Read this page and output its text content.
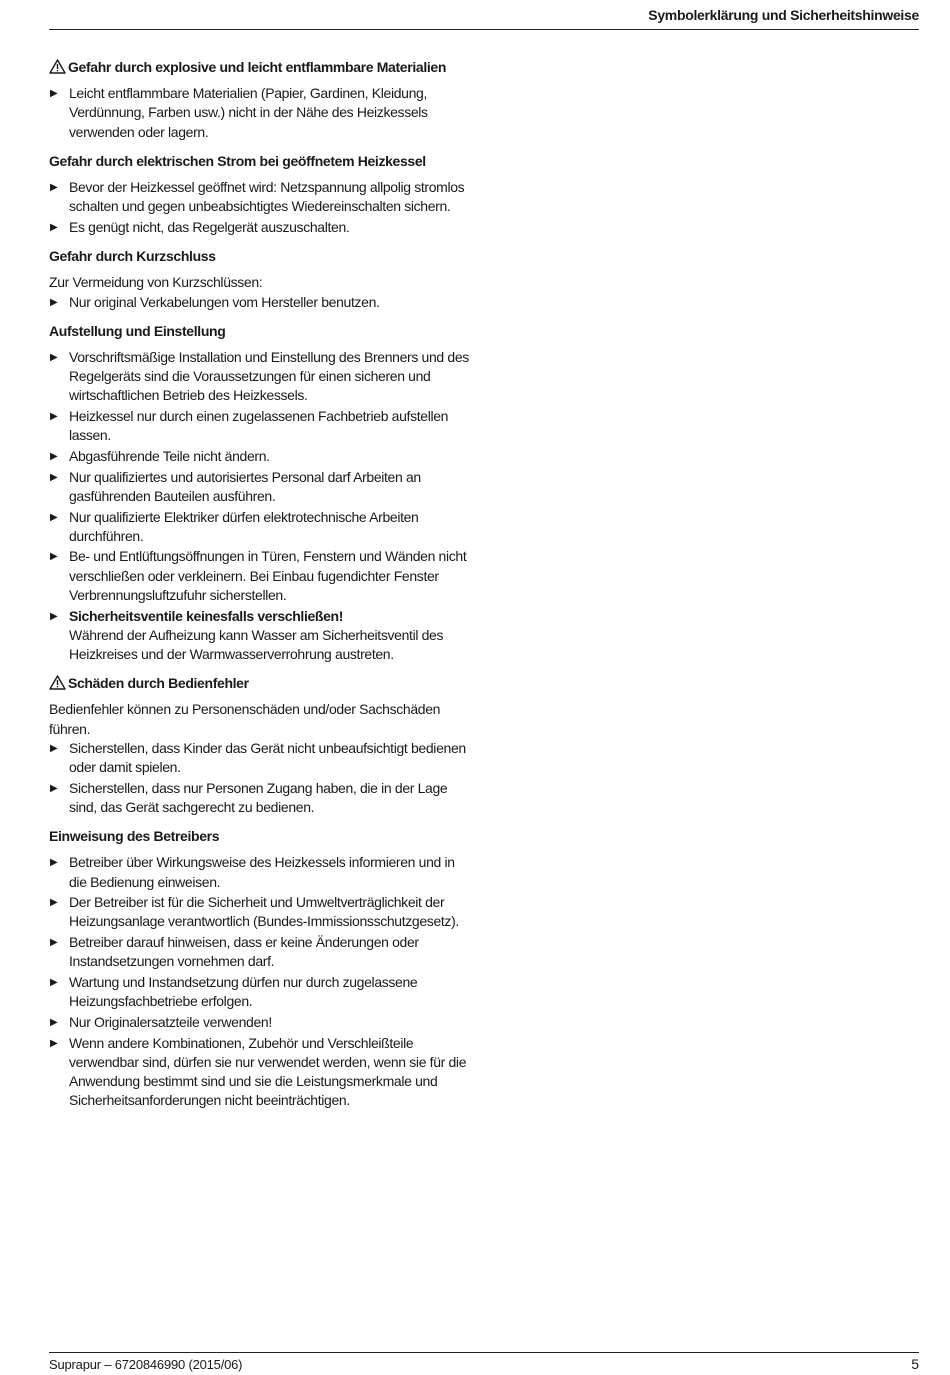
Symbolerklärung und Sicherheitshinweise

Gefahr durch explosive und leicht entflammbare Materialien

▶ Leicht entflammbare Materialien (Papier, Gardinen, Kleidung, Verdünnung, Farben usw.) nicht in der Nähe des Heizkessels verwenden oder lagern.

Gefahr durch elektrischen Strom bei geöffnetem Heizkessel

▶ Bevor der Heizkessel geöffnet wird: Netzspannung allpolig stromlos schalten und gegen unbeabsichtigtes Wiedereinschalten sichern.
▶ Es genügt nicht, das Regelgerät auszuschalten.

Gefahr durch Kurzschluss

Zur Vermeidung von Kurzschlüssen:

▶ Nur original Verkabelungen vom Hersteller benutzen.

Aufstellung und Einstellung

▶ Vorschriftsmäßige Installation und Einstellung des Brenners und des Regelgeräts sind die Voraussetzungen für einen sicheren und wirtschaftlichen Betrieb des Heizkessels.
▶ Heizkessel nur durch einen zugelassenen Fachbetrieb aufstellen lassen.
▶ Abgasführende Teile nicht ändern.
▶ Nur qualifiziertes und autorisiertes Personal darf Arbeiten an gasführenden Bauteilen ausführen.
▶ Nur qualifizierte Elektriker dürfen elektrotechnische Arbeiten durchführen.
▶ Be- und Entlüftungsöffnungen in Türen, Fenstern und Wänden nicht verschließen oder verkleinern. Bei Einbau fugendichter Fenster Verbrennungsluftzufuhr sicherstellen.
▶ Sicherheitsventile keinesfalls verschließen!
Während der Aufheizung kann Wasser am Sicherheitsventil des Heizkreises und der Warmwasserverrohrung austreten.

Schäden durch Bedienfehler

Bedienfehler können zu Personenschäden und/oder Sachschäden führen.

▶ Sicherstellen, dass Kinder das Gerät nicht unbeaufsichtigt bedienen oder damit spielen.
▶ Sicherstellen, dass nur Personen Zugang haben, die in der Lage sind, das Gerät sachgerecht zu bedienen.

Einweisung des Betreibers

▶ Betreiber über Wirkungsweise des Heizkessels informieren und in die Bedienung einweisen.
▶ Der Betreiber ist für die Sicherheit und Umweltverträglichkeit der Heizungsanlage verantwortlich (Bundes-Immissionsschutzgesetz).
▶ Betreiber darauf hinweisen, dass er keine Änderungen oder Instandsetzungen vornehmen darf.
▶ Wartung und Instandsetzung dürfen nur durch zugelassene Heizungsfachbetriebe erfolgen.
▶ Nur Originalersatzteile verwenden!
▶ Wenn andere Kombinationen, Zubehör und Verschleißteile verwendbar sind, dürfen sie nur verwendet werden, wenn sie für die Anwendung bestimmt sind und sie die Leistungsmerkmale und Sicherheitsanforderungen nicht beeinträchtigen.
Suprapur – 6720846990 (2015/06)	5
